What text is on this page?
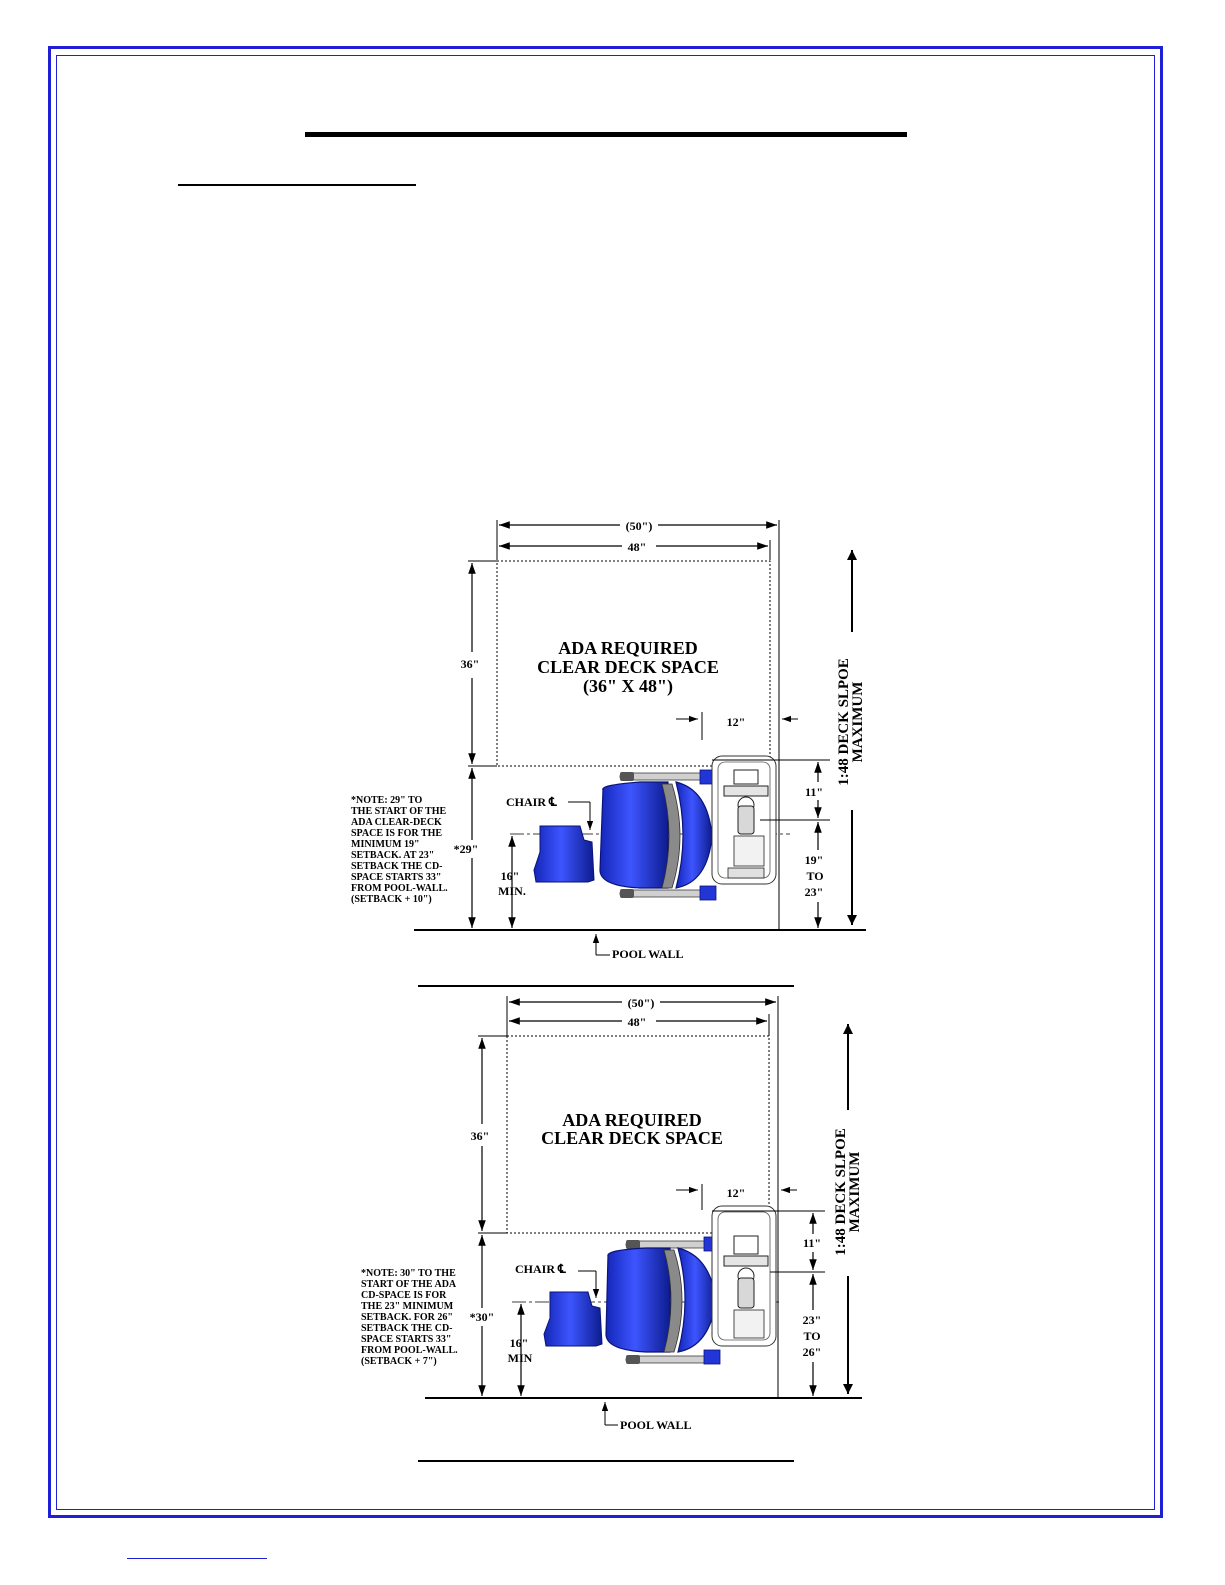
(50")
48"
ADA REQUIRED
CLEAR DECK SPACE
(36" X 48")
36"
*29"
12"
CHAIR ℄
16"
MIN.
11"
19"
TO
23"
1:48 DECK SLPOE
MAXIMUM
POOL WALL
*NOTE: 29" TO
THE START OF THE
ADA CLEAR-DECK
SPACE IS FOR THE
MINIMUM 19"
SETBACK. AT 23"
SETBACK THE CD-
SPACE STARTS 33"
FROM POOL-WALL.
(SETBACK + 10")
(50")
48"
ADA REQUIRED
CLEAR DECK SPACE
36"
*30"
12"
CHAIR ℄
16"
MIN
11"
23"
TO
26"
1:48 DECK SLPOE
MAXIMUM
POOL WALL
*NOTE: 30" TO THE
START OF THE ADA
CD-SPACE IS FOR
THE 23" MINIMUM
SETBACK. FOR 26"
SETBACK THE CD-
SPACE STARTS 33"
FROM POOL-WALL.
(SETBACK + 7")
